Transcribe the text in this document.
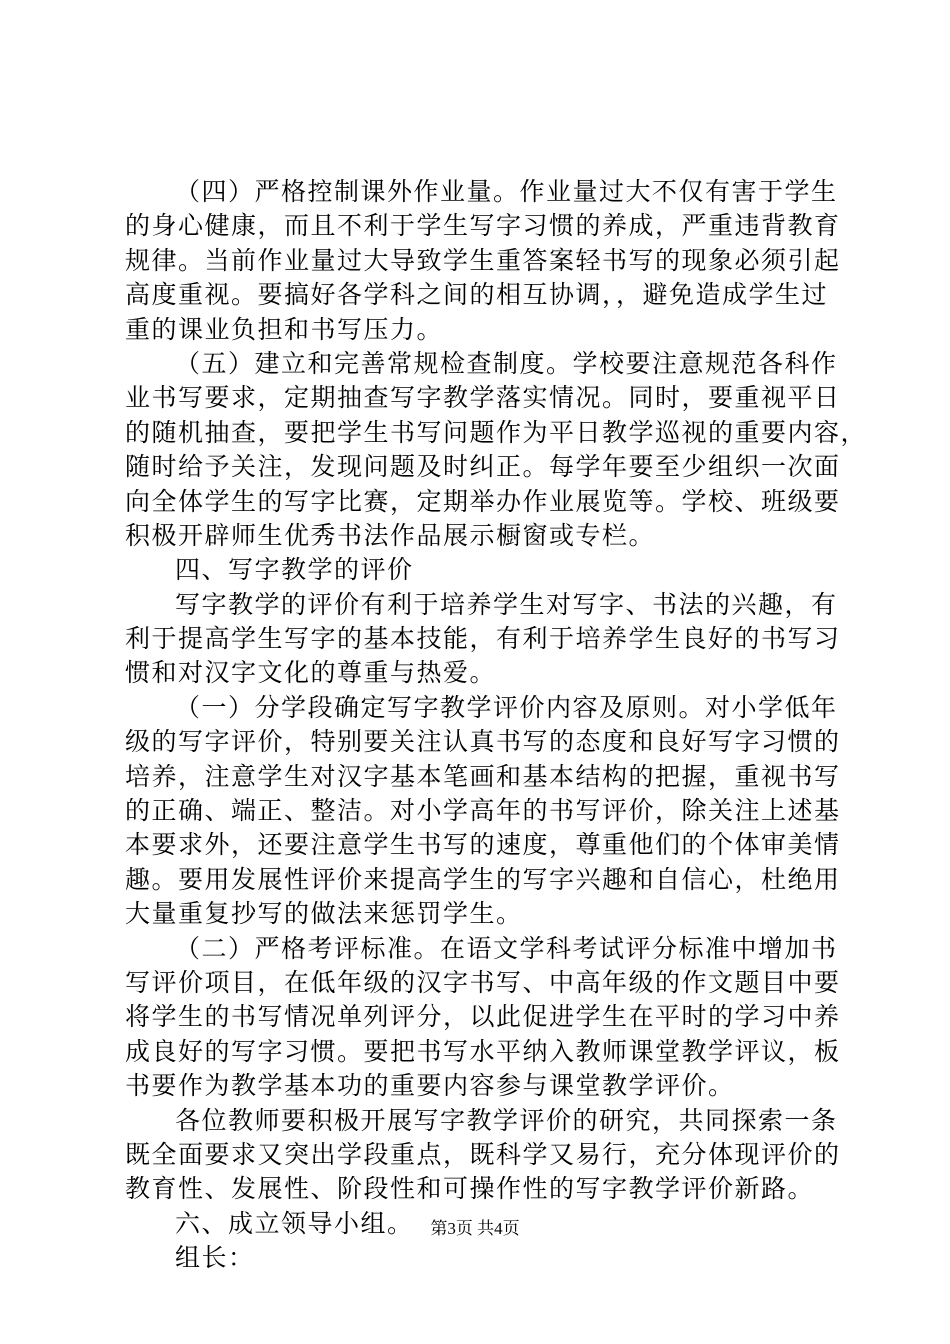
（四）严格控制课外作业量。作业量过大不仅有害于学生
的身心健康，而且不利于学生写字习惯的养成，严重违背教育
规律。当前作业量过大导致学生重答案轻书写的现象必须引起
高度重视。要搞好各学科之间的相互协调，，避免造成学生过
重的课业负担和书写压力。
（五）建立和完善常规检查制度。学校要注意规范各科作
业书写要求，定期抽查写字教学落实情况。同时，要重视平日
的随机抽查，要把学生书写问题作为平日教学巡视的重要内容，
随时给予关注，发现问题及时纠正。每学年要至少组织一次面
向全体学生的写字比赛，定期举办作业展览等。学校、班级要
积极开辟师生优秀书法作品展示橱窗或专栏。
四、写字教学的评价
写字教学的评价有利于培养学生对写字、书法的兴趣，有
利于提高学生写字的基本技能，有利于培养学生良好的书写习
惯和对汉字文化的尊重与热爱。
（一）分学段确定写字教学评价内容及原则。对小学低年
级的写字评价，特别要关注认真书写的态度和良好写字习惯的
培养，注意学生对汉字基本笔画和基本结构的把握，重视书写
的正确、端正、整洁。对小学高年的书写评价，除关注上述基
本要求外，还要注意学生书写的速度，尊重他们的个体审美情
趣。要用发展性评价来提高学生的写字兴趣和自信心，杜绝用
大量重复抄写的做法来惩罚学生。
（二）严格考评标准。在语文学科考试评分标准中增加书
写评价项目，在低年级的汉字书写、中高年级的作文题目中要
将学生的书写情况单列评分，以此促进学生在平时的学习中养
成良好的写字习惯。要把书写水平纳入教师课堂教学评议，板
书要作为教学基本功的重要内容参与课堂教学评价。
各位教师要积极开展写字教学评价的研究，共同探索一条
既全面要求又突出学段重点，既科学又易行，充分体现评价的
教育性、发展性、阶段性和可操作性的写字教学评价新路。
六、成立领导小组。
组长：
第3页 共4页
